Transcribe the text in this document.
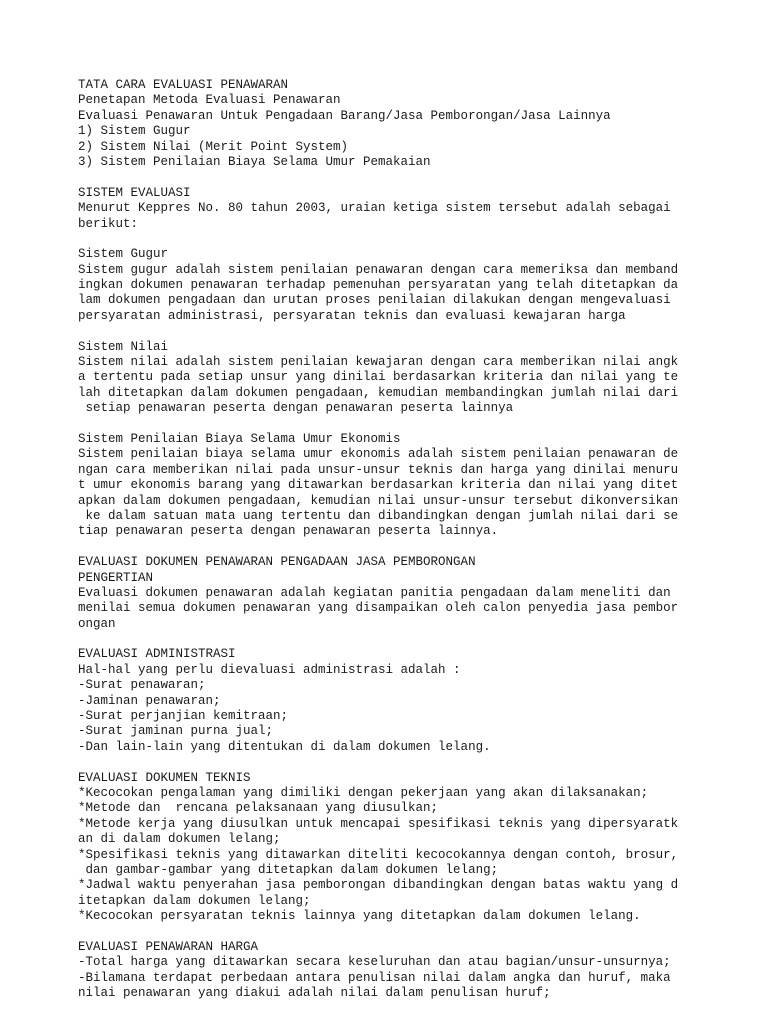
TATA CARA EVALUASI PENAWARAN
Penetapan Metoda Evaluasi Penawaran
Evaluasi Penawaran Untuk Pengadaan Barang/Jasa Pemborongan/Jasa Lainnya
1) Sistem Gugur
2) Sistem Nilai (Merit Point System)
3) Sistem Penilaian Biaya Selama Umur Pemakaian
SISTEM EVALUASI
Menurut Keppres No. 80 tahun 2003, uraian ketiga sistem tersebut adalah sebagai
berikut:
Sistem Gugur
Sistem gugur adalah sistem penilaian penawaran dengan cara memeriksa dan memband
ingkan dokumen penawaran terhadap pemenuhan persyaratan yang telah ditetapkan da
lam dokumen pengadaan dan urutan proses penilaian dilakukan dengan mengevaluasi
persyaratan administrasi, persyaratan teknis dan evaluasi kewajaran harga
Sistem Nilai
Sistem nilai adalah sistem penilaian kewajaran dengan cara memberikan nilai angk
a tertentu pada setiap unsur yang dinilai berdasarkan kriteria dan nilai yang te
lah ditetapkan dalam dokumen pengadaan, kemudian membandingkan jumlah nilai dari
setiap penawaran peserta dengan penawaran peserta lainnya
Sistem Penilaian Biaya Selama Umur Ekonomis
Sistem penilaian biaya selama umur ekonomis adalah sistem penilaian penawaran de
ngan cara memberikan nilai pada unsur-unsur teknis dan harga yang dinilai menuru
t umur ekonomis barang yang ditawarkan berdasarkan kriteria dan nilai yang ditet
apkan dalam dokumen pengadaan, kemudian nilai unsur-unsur tersebut dikonversikan
ke dalam satuan mata uang tertentu dan dibandingkan dengan jumlah nilai dari se
tiap penawaran peserta dengan penawaran peserta lainnya.
EVALUASI DOKUMEN PENAWARAN PENGADAAN JASA PEMBORONGAN
PENGERTIAN
Evaluasi dokumen penawaran adalah kegiatan panitia pengadaan dalam meneliti dan
menilai semua dokumen penawaran yang disampaikan oleh calon penyedia jasa pembor
ongan
EVALUASI ADMINISTRASI
Hal-hal yang perlu dievaluasi administrasi adalah :
-Surat penawaran;
-Jaminan penawaran;
-Surat perjanjian kemitraan;
-Surat jaminan purna jual;
-Dan lain-lain yang ditentukan di dalam dokumen lelang.
EVALUASI DOKUMEN TEKNIS
*Kecocokan pengalaman yang dimiliki dengan pekerjaan yang akan dilaksanakan;
*Metode dan  rencana pelaksanaan yang diusulkan;
*Metode kerja yang diusulkan untuk mencapai spesifikasi teknis yang dipersyaratk
an di dalam dokumen lelang;
*Spesifikasi teknis yang ditawarkan diteliti kecocokannya dengan contoh, brosur,
dan gambar-gambar yang ditetapkan dalam dokumen lelang;
*Jadwal waktu penyerahan jasa pemborongan dibandingkan dengan batas waktu yang d
itetapkan dalam dokumen lelang;
*Kecocokan persyaratan teknis lainnya yang ditetapkan dalam dokumen lelang.
EVALUASI PENAWARAN HARGA
-Total harga yang ditawarkan secara keseluruhan dan atau bagian/unsur-unsurnya;
-Bilamana terdapat perbedaan antara penulisan nilai dalam angka dan huruf, maka
nilai penawaran yang diakui adalah nilai dalam penulisan huruf;
